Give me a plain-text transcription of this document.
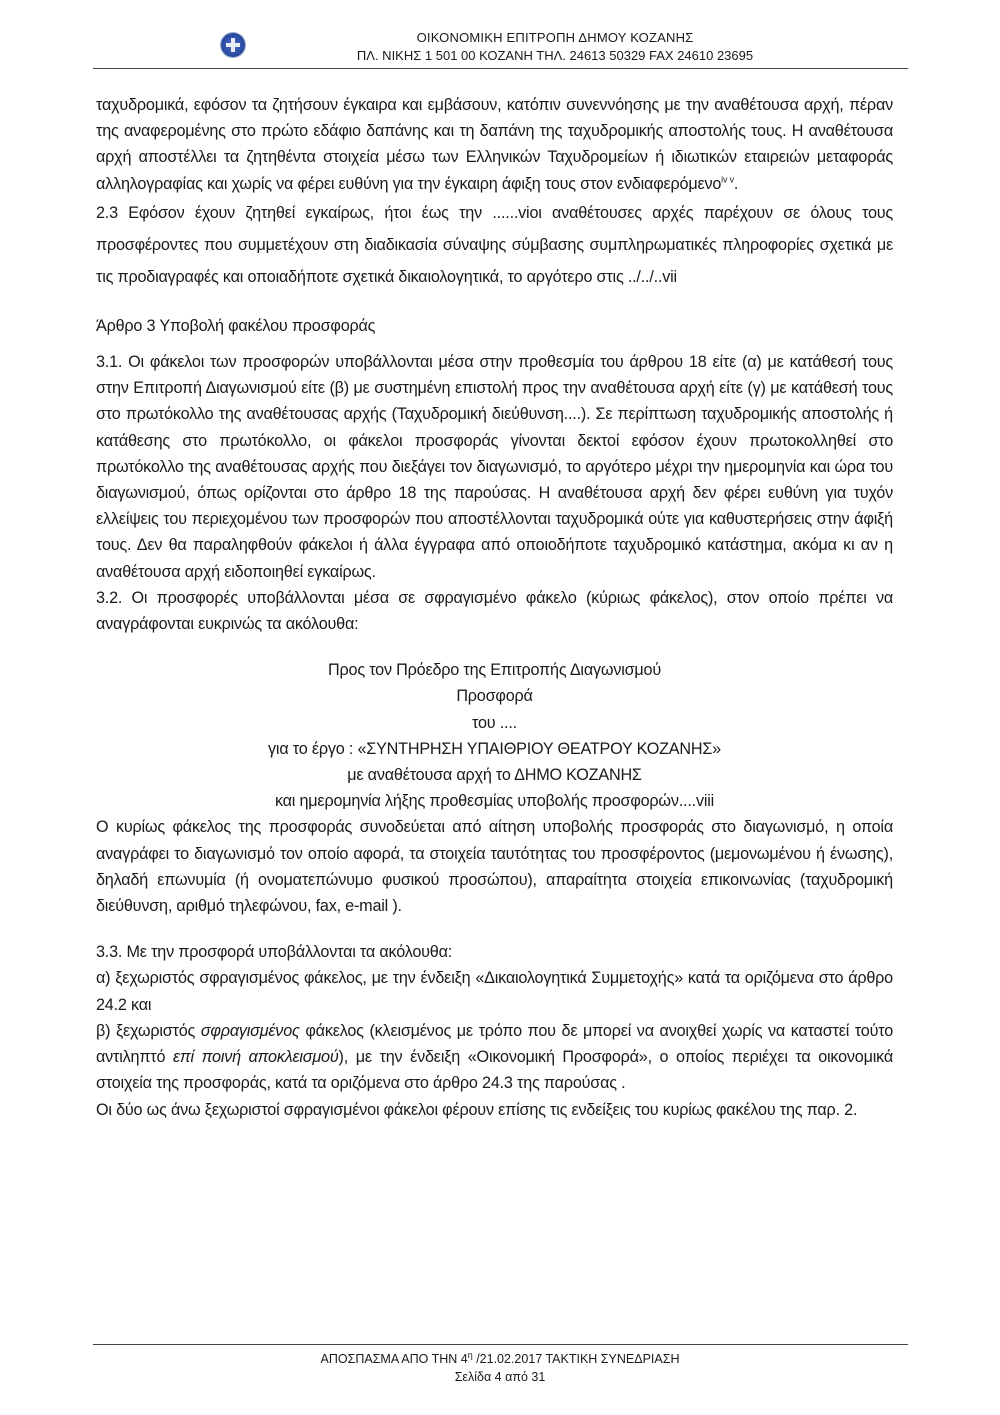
ΟΙΚΟΝΟΜΙΚΗ ΕΠΙΤΡΟΠΗ ΔΗΜΟΥ ΚΟΖΑΝΗΣ
ΠΛ. ΝΙΚΗΣ 1 501 00 ΚΟΖΑΝΗ ΤΗΛ. 24613 50329 FAX 24610 23695

ταχυδρομικά, εφόσον τα ζητήσουν έγκαιρα και εμβάσουν, κατόπιν συνεννόησης με την αναθέτουσα αρχή, πέραν της αναφερομένης στο πρώτο εδάφιο δαπάνης και τη δαπάνη της ταχυδρομικής αποστολής τους. Η αναθέτουσα αρχή αποστέλλει τα ζητηθέντα στοιχεία μέσω των Ελληνικών Ταχυδρομείων ή ιδιωτικών εταιρειών μεταφοράς αλληλογραφίας και χωρίς να φέρει ευθύνη για την έγκαιρη άφιξη τους στον ενδιαφερόμενο$^{iv v}$.

2.3 Εφόσον έχουν ζητηθεί εγκαίρως, ήτοι έως την ......vioι αναθέτουσες αρχές παρέχουν σε όλους τους προσφέροντες που συμμετέχουν στη διαδικασία σύναψης σύμβασης συμπληρωματικές πληροφορίες σχετικά με τις προδιαγραφές και οποιαδήποτε σχετικά δικαιολογητικά, το αργότερο στις ../../..vii

Άρθρο 3 Υποβολή φακέλου προσφοράς

3.1. Οι φάκελοι των προσφορών υποβάλλονται μέσα στην προθεσμία του άρθρου 18 είτε (α) με κατάθεσή τους στην Επιτροπή Διαγωνισμού είτε (β) με συστημένη επιστολή προς την αναθέτουσα αρχή είτε (γ) με κατάθεσή τους στο πρωτόκολλο της αναθέτουσας αρχής (Ταχυδρομική διεύθυνση....). Σε περίπτωση ταχυδρομικής αποστολής ή κατάθεσης στο πρωτόκολλο, οι φάκελοι προσφοράς γίνονται δεκτοί εφόσον έχουν πρωτοκολληθεί στο πρωτόκολλο της αναθέτουσας αρχής που διεξάγει τον διαγωνισμό, το αργότερο μέχρι την ημερομηνία και ώρα του διαγωνισμού, όπως ορίζονται στο άρθρο 18 της παρούσας. Η αναθέτουσα αρχή δεν φέρει ευθύνη για τυχόν ελλείψεις του περιεχομένου των προσφορών που αποστέλλονται ταχυδρομικά ούτε για καθυστερήσεις στην άφιξή τους. Δεν θα παραληφθούν φάκελοι ή άλλα έγγραφα από οποιοδήποτε ταχυδρομικό κατάστημα, ακόμα κι αν η αναθέτουσα αρχή ειδοποιηθεί εγκαίρως.

3.2. Οι προσφορές υποβάλλονται μέσα σε σφραγισμένο φάκελο (κύριως φάκελος), στον οποίο πρέπει να αναγράφονται ευκρινώς τα ακόλουθα:

Προς τον Πρόεδρο της Επιτροπής Διαγωνισμού

Προσφορά

του ....

για το έργο : «ΣΥΝΤΗΡΗΣΗ ΥΠΑΙΘΡΙΟΥ ΘΕΑΤΡΟΥ ΚΟΖΑΝΗΣ»

με αναθέτουσα αρχή το ΔΗΜΟ ΚΟΖΑΝΗΣ

και ημερομηνία λήξης προθεσμίας υποβολής προσφορών....viii

Ο κυρίως φάκελος της προσφοράς συνοδεύεται από αίτηση υποβολής προσφοράς στο διαγωνισμό, η οποία αναγράφει το διαγωνισμό τον οποίο αφορά, τα στοιχεία ταυτότητας του προσφέροντος (μεμονωμένου ή ένωσης), δηλαδή επωνυμία (ή ονοματεπώνυμο φυσικού προσώπου), απαραίτητα στοιχεία επικοινωνίας (ταχυδρομική διεύθυνση, αριθμό τηλεφώνου, fax, e-mail ).

3.3. Με την προσφορά υποβάλλονται τα ακόλουθα:

α) ξεχωριστός σφραγισμένος φάκελος, με την ένδειξη «Δικαιολογητικά Συμμετοχής» κατά τα οριζόμενα στο άρθρο 24.2 και

β) ξεχωριστός σφραγισμένος φάκελος (κλεισμένος με τρόπο που δε μπορεί να ανοιχθεί χωρίς να καταστεί τούτο αντιληπτό επί ποινή αποκλεισμού), με την ένδειξη «Οικονομική Προσφορά», ο οποίος περιέχει τα οικονομικά στοιχεία της προσφοράς, κατά τα οριζόμενα στο άρθρο 24.3 της παρούσας .

Οι δύο ως άνω ξεχωριστοί σφραγισμένοι φάκελοι φέρουν επίσης τις ενδείξεις του κυρίως φακέλου της παρ. 2.

ΑΠΟΣΠΑΣΜΑ ΑΠΟ ΤΗΝ $4^\eta$ /21.02.2017 ΤΑΚΤΙΚΗ ΣΥΝΕΔΡΙΑΣΗ
Σελίδα 4 από 31
